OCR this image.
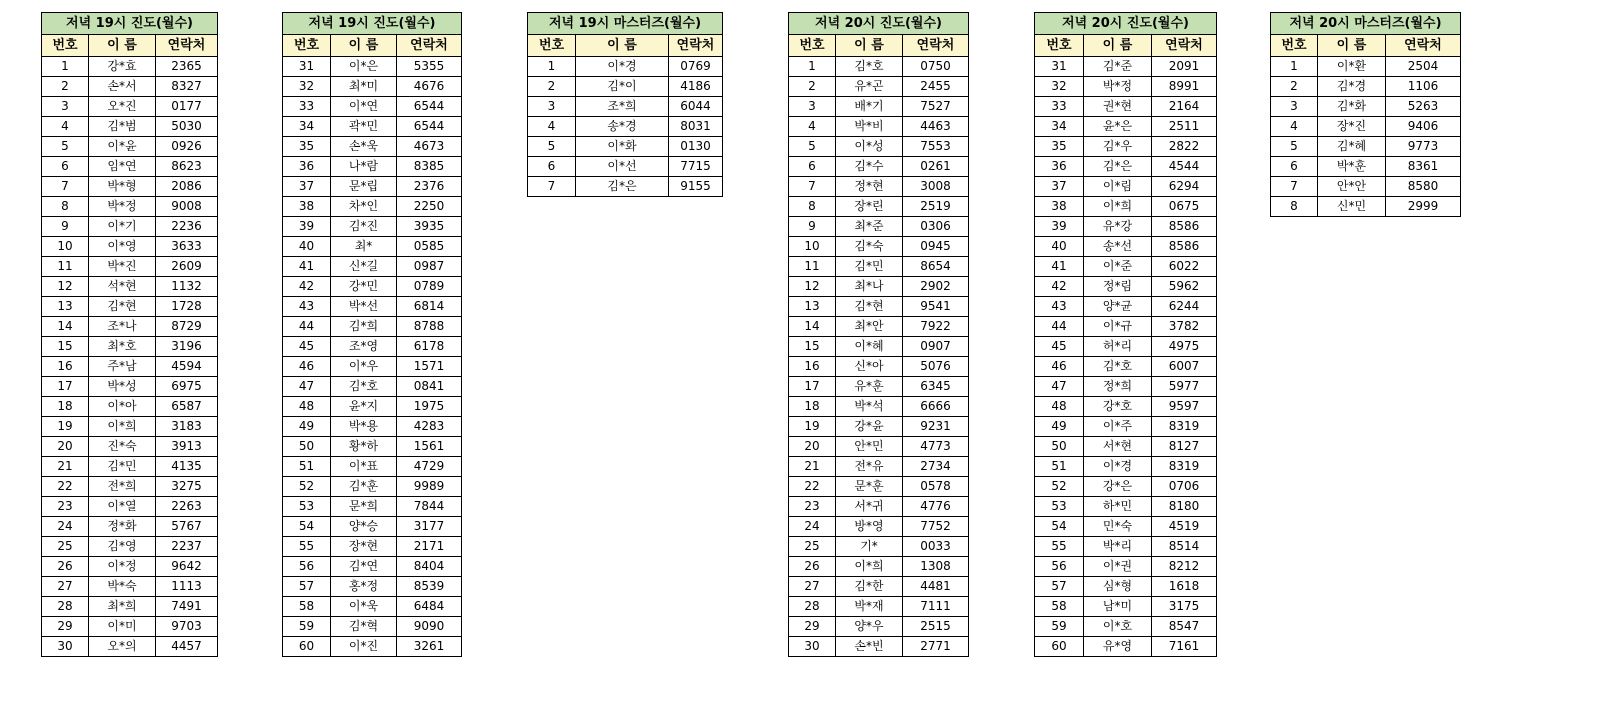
저녁 19시 진도(월수)		
번호	이 름	연락처
1	강*효	2365
2	손*서	8327
3	오*진	0177
4	김*범	5030
5	이*윤	0926
6	임*연	8623
7	박*형	2086
8	박*정	9008
9	이*기	2236
10	이*영	3633
11	박*진	2609
12	석*현	1132
13	김*현	1728
14	조*나	8729
15	최*호	3196
16	주*남	4594
17	박*성	6975
18	이*아	6587
19	이*희	3183
20	진*숙	3913
21	김*민	4135
22	전*희	3275
23	이*열	2263
24	정*화	5767
25	김*영	2237
26	이*정	9642
27	박*숙	1113
28	최*희	7491
29	이*미	9703
30	오*의	4457
저녁 19시 진도(월수)		
번호	이 름	연락처
31	이*은	5355
32	최*미	4676
33	이*연	6544
34	곽*민	6544
35	손*욱	4673
36	나*람	8385
37	문*립	2376
38	차*인	2250
39	김*진	3935
40	최*	0585
41	신*길	0987
42	강*민	0789
43	박*선	6814
44	김*희	8788
45	조*영	6178
46	이*우	1571
47	김*호	0841
48	윤*지	1975
49	박*용	4283
50	황*하	1561
51	이*표	4729
52	김*훈	9989
53	문*희	7844
54	양*승	3177
55	장*현	2171
56	김*연	8404
57	홍*정	8539
58	이*욱	6484
59	김*혁	9090
60	이*진	3261
저녁 19시 마스터즈(월수)		
번호	이 름	연락처
1	이*경	0769
2	김*이	4186
3	조*희	6044
4	송*경	8031
5	이*화	0130
6	이*선	7715
7	김*은	9155
저녁 20시 진도(월수)		
번호	이 름	연락처
1	김*호	0750
2	유*곤	2455
3	배*기	7527
4	박*비	4463
5	이*성	7553
6	김*수	0261
7	정*현	3008
8	장*린	2519
9	최*준	0306
10	김*숙	0945
11	김*민	8654
12	최*나	2902
13	김*현	9541
14	최*안	7922
15	이*혜	0907
16	신*아	5076
17	유*훈	6345
18	박*석	6666
19	강*윤	9231
20	안*민	4773
21	전*유	2734
22	문*훈	0578
23	서*귀	4776
24	방*영	7752
25	기*	0033
26	이*희	1308
27	김*한	4481
28	박*재	7111
29	양*우	2515
30	손*빈	2771
저녁 20시 진도(월수)		
번호	이 름	연락처
31	김*준	2091
32	박*정	8991
33	권*현	2164
34	윤*은	2511
35	김*우	2822
36	김*은	4544
37	이*림	6294
38	이*희	0675
39	유*강	8586
40	송*선	8586
41	이*준	6022
42	정*림	5962
43	양*균	6244
44	이*규	3782
45	허*리	4975
46	김*호	6007
47	정*희	5977
48	강*호	9597
49	이*주	8319
50	서*현	8127
51	이*경	8319
52	강*은	0706
53	하*민	8180
54	민*숙	4519
55	박*리	8514
56	이*권	8212
57	심*형	1618
58	남*미	3175
59	이*호	8547
60	유*영	7161
저녁 20시 마스터즈(월수)		
번호	이 름	연락처
1	이*환	2504
2	김*경	1106
3	김*화	5263
4	장*진	9406
5	김*혜	9773
6	박*훈	8361
7	안*안	8580
8	신*민	2999
